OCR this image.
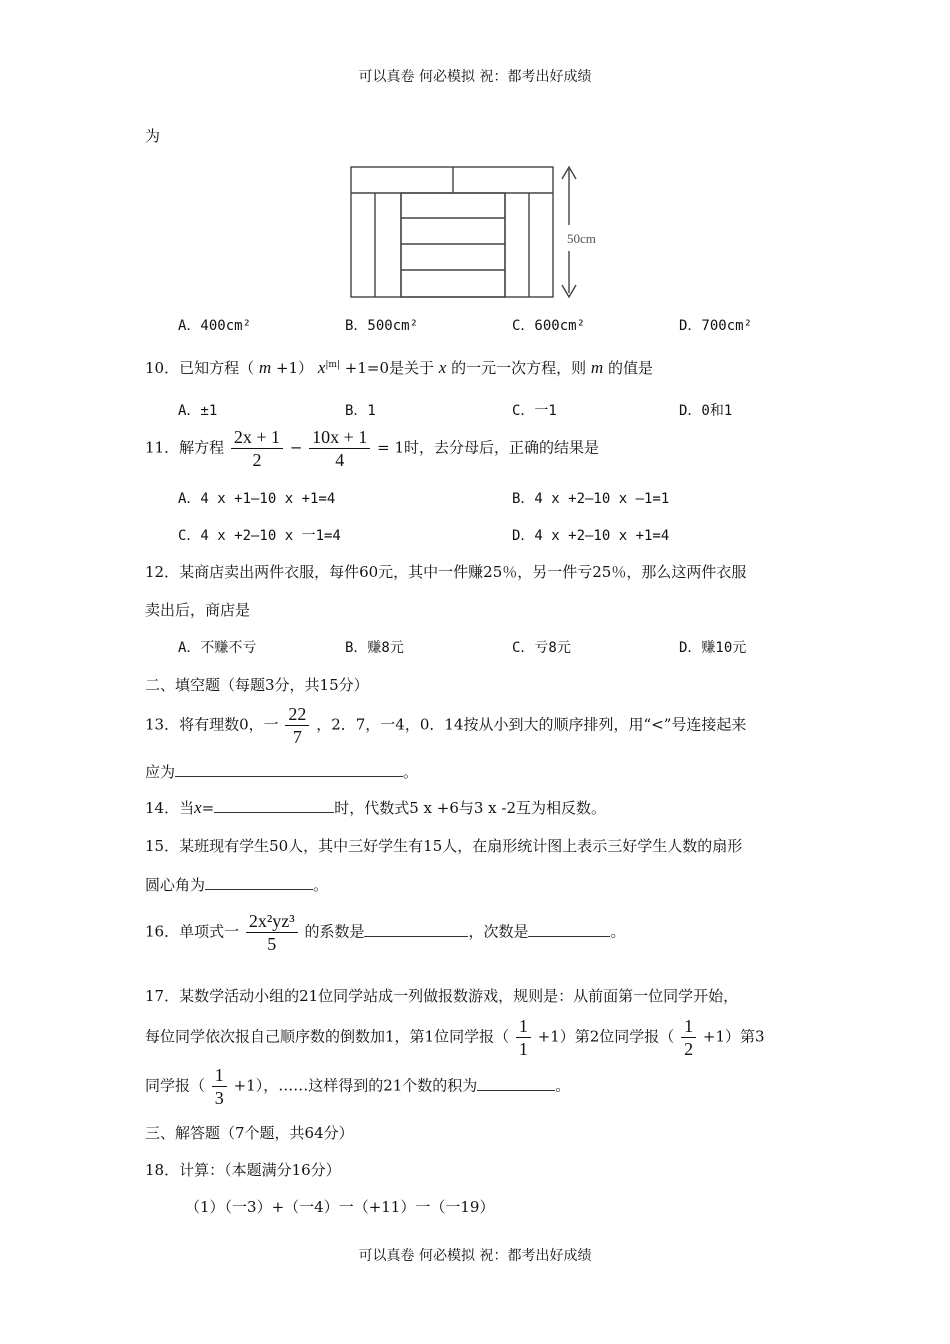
可以真卷 何必模拟 祝：都考出好成绩
为
50cm
A．400cm²	B．500cm²	C．600cm²	D．700cm²
10．已知方程（ m +1） $x^{|m|} +1=0$是关于 x 的一元一次方程，则 m 的值是
A．±1	B．1	C．一1	D．0和1
11．解方程 $\frac{2x + 1}{2} - \frac{10x + 1}{4} = 1$时，去分母后，正确的结果是
A．4 x +1—10 x +1=4	B．4 x +2—10 x —1=1
C．4 x +2—10 x 一1=4	D．4 x +2—10 x +1=4
12．某商店卖出两件衣服，每件60元，其中一件赚25％，另一件亏25％，那么这两件衣服
卖出后，商店是
A．不赚不亏	B．赚8元	C．亏8元	D．赚10元
二、填空题（每题3分，共15分）
13．将有理数0，一 $\frac{22}{7}$ ，2．7，一4，0．14按从小到大的顺序排列，用“<”号连接起来
应为	。
14．当x=	时，代数式5 x +6与3 x -2互为相反数。
15．某班现有学生50人，其中三好学生有15人，在扇形统计图上表示三好学生人数的扇形
圆心角为	。
16．单项式一 $\frac{\text{2x²yz³}}{5}$ 的系数是	，次数是	。
17．某数学活动小组的21位同学站成一列做报数游戏，规则是：从前面第一位同学开始，
每位同学依次报自己顺序数的倒数加1，第1位同学报（ $\frac{1}{1} +1$）第2位同学报（ $\frac{1}{2} +1$）第3
同学报（ $\frac{1}{3} +1$），……这样得到的21个数的积为	。
三、解答题（7个题，共64分）
18．计算：（本题满分16分）
（1）（一3）+（一4）一（+11）一（一19）
可以真卷 何必模拟 祝：都考出好成绩
